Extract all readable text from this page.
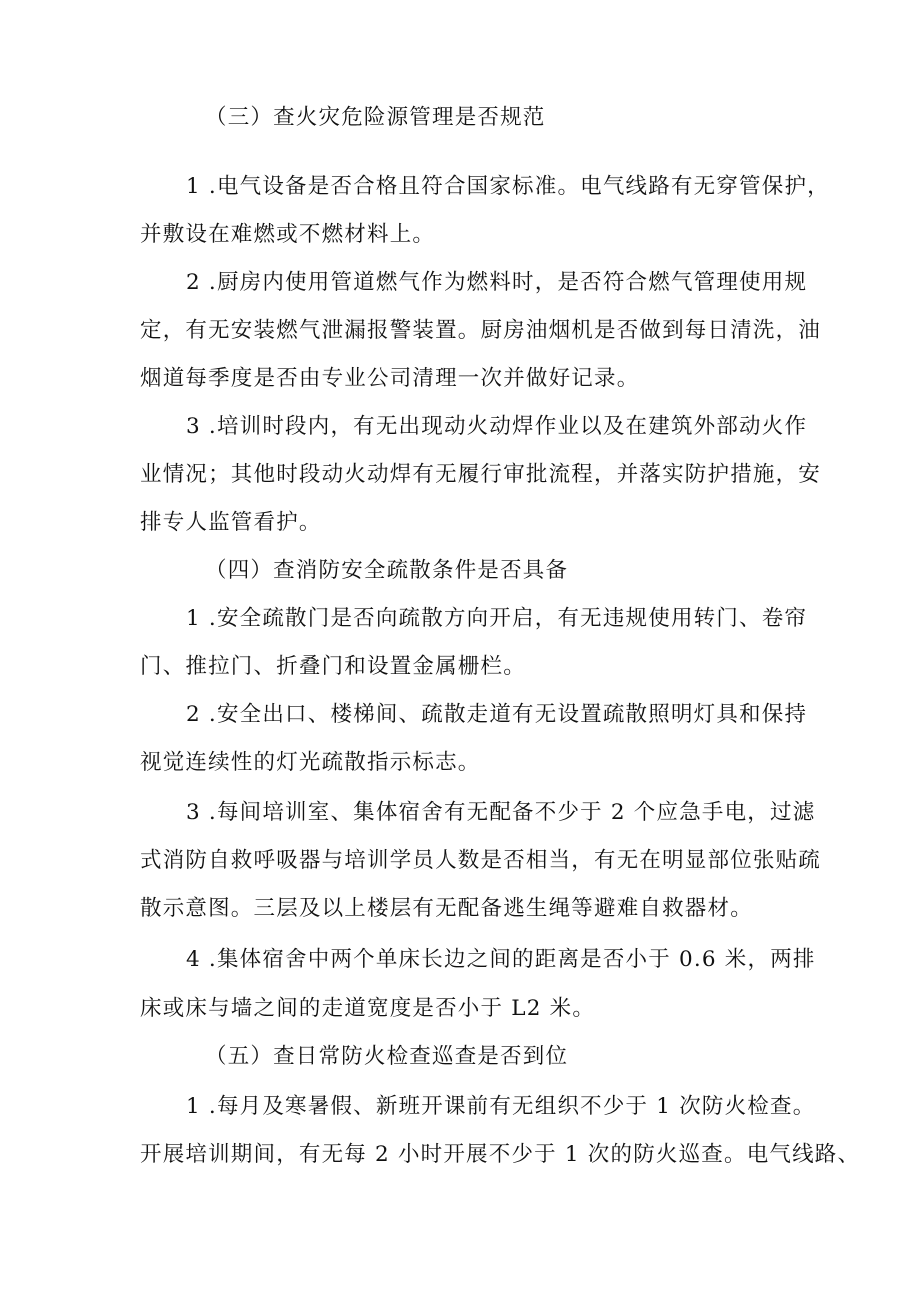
（三）查火灾危险源管理是否规范
1 .电气设备是否合格且符合国家标准。电气线路有无穿管保护，
并敷设在难燃或不燃材料上。
2 .厨房内使用管道燃气作为燃料时，是否符合燃气管理使用规
定，有无安装燃气泄漏报警装置。厨房油烟机是否做到每日清洗，油
烟道每季度是否由专业公司清理一次并做好记录。
3 .培训时段内，有无出现动火动焊作业以及在建筑外部动火作
业情况；其他时段动火动焊有无履行审批流程，并落实防护措施，安
排专人监管看护。
（四）查消防安全疏散条件是否具备
1 .安全疏散门是否向疏散方向开启，有无违规使用转门、卷帘
门、推拉门、折叠门和设置金属栅栏。
2 .安全出口、楼梯间、疏散走道有无设置疏散照明灯具和保持
视觉连续性的灯光疏散指示标志。
3 .每间培训室、集体宿舍有无配备不少于 2 个应急手电，过滤
式消防自救呼吸器与培训学员人数是否相当，有无在明显部位张贴疏
散示意图。三层及以上楼层有无配备逃生绳等避难自救器材。
4 .集体宿舍中两个单床长边之间的距离是否小于 0.6 米，两排
床或床与墙之间的走道宽度是否小于 L2 米。
（五）查日常防火检查巡查是否到位
1 .每月及寒暑假、新班开课前有无组织不少于 1 次防火检查。
开展培训期间，有无每 2 小时开展不少于 1 次的防火巡查。电气线路、
